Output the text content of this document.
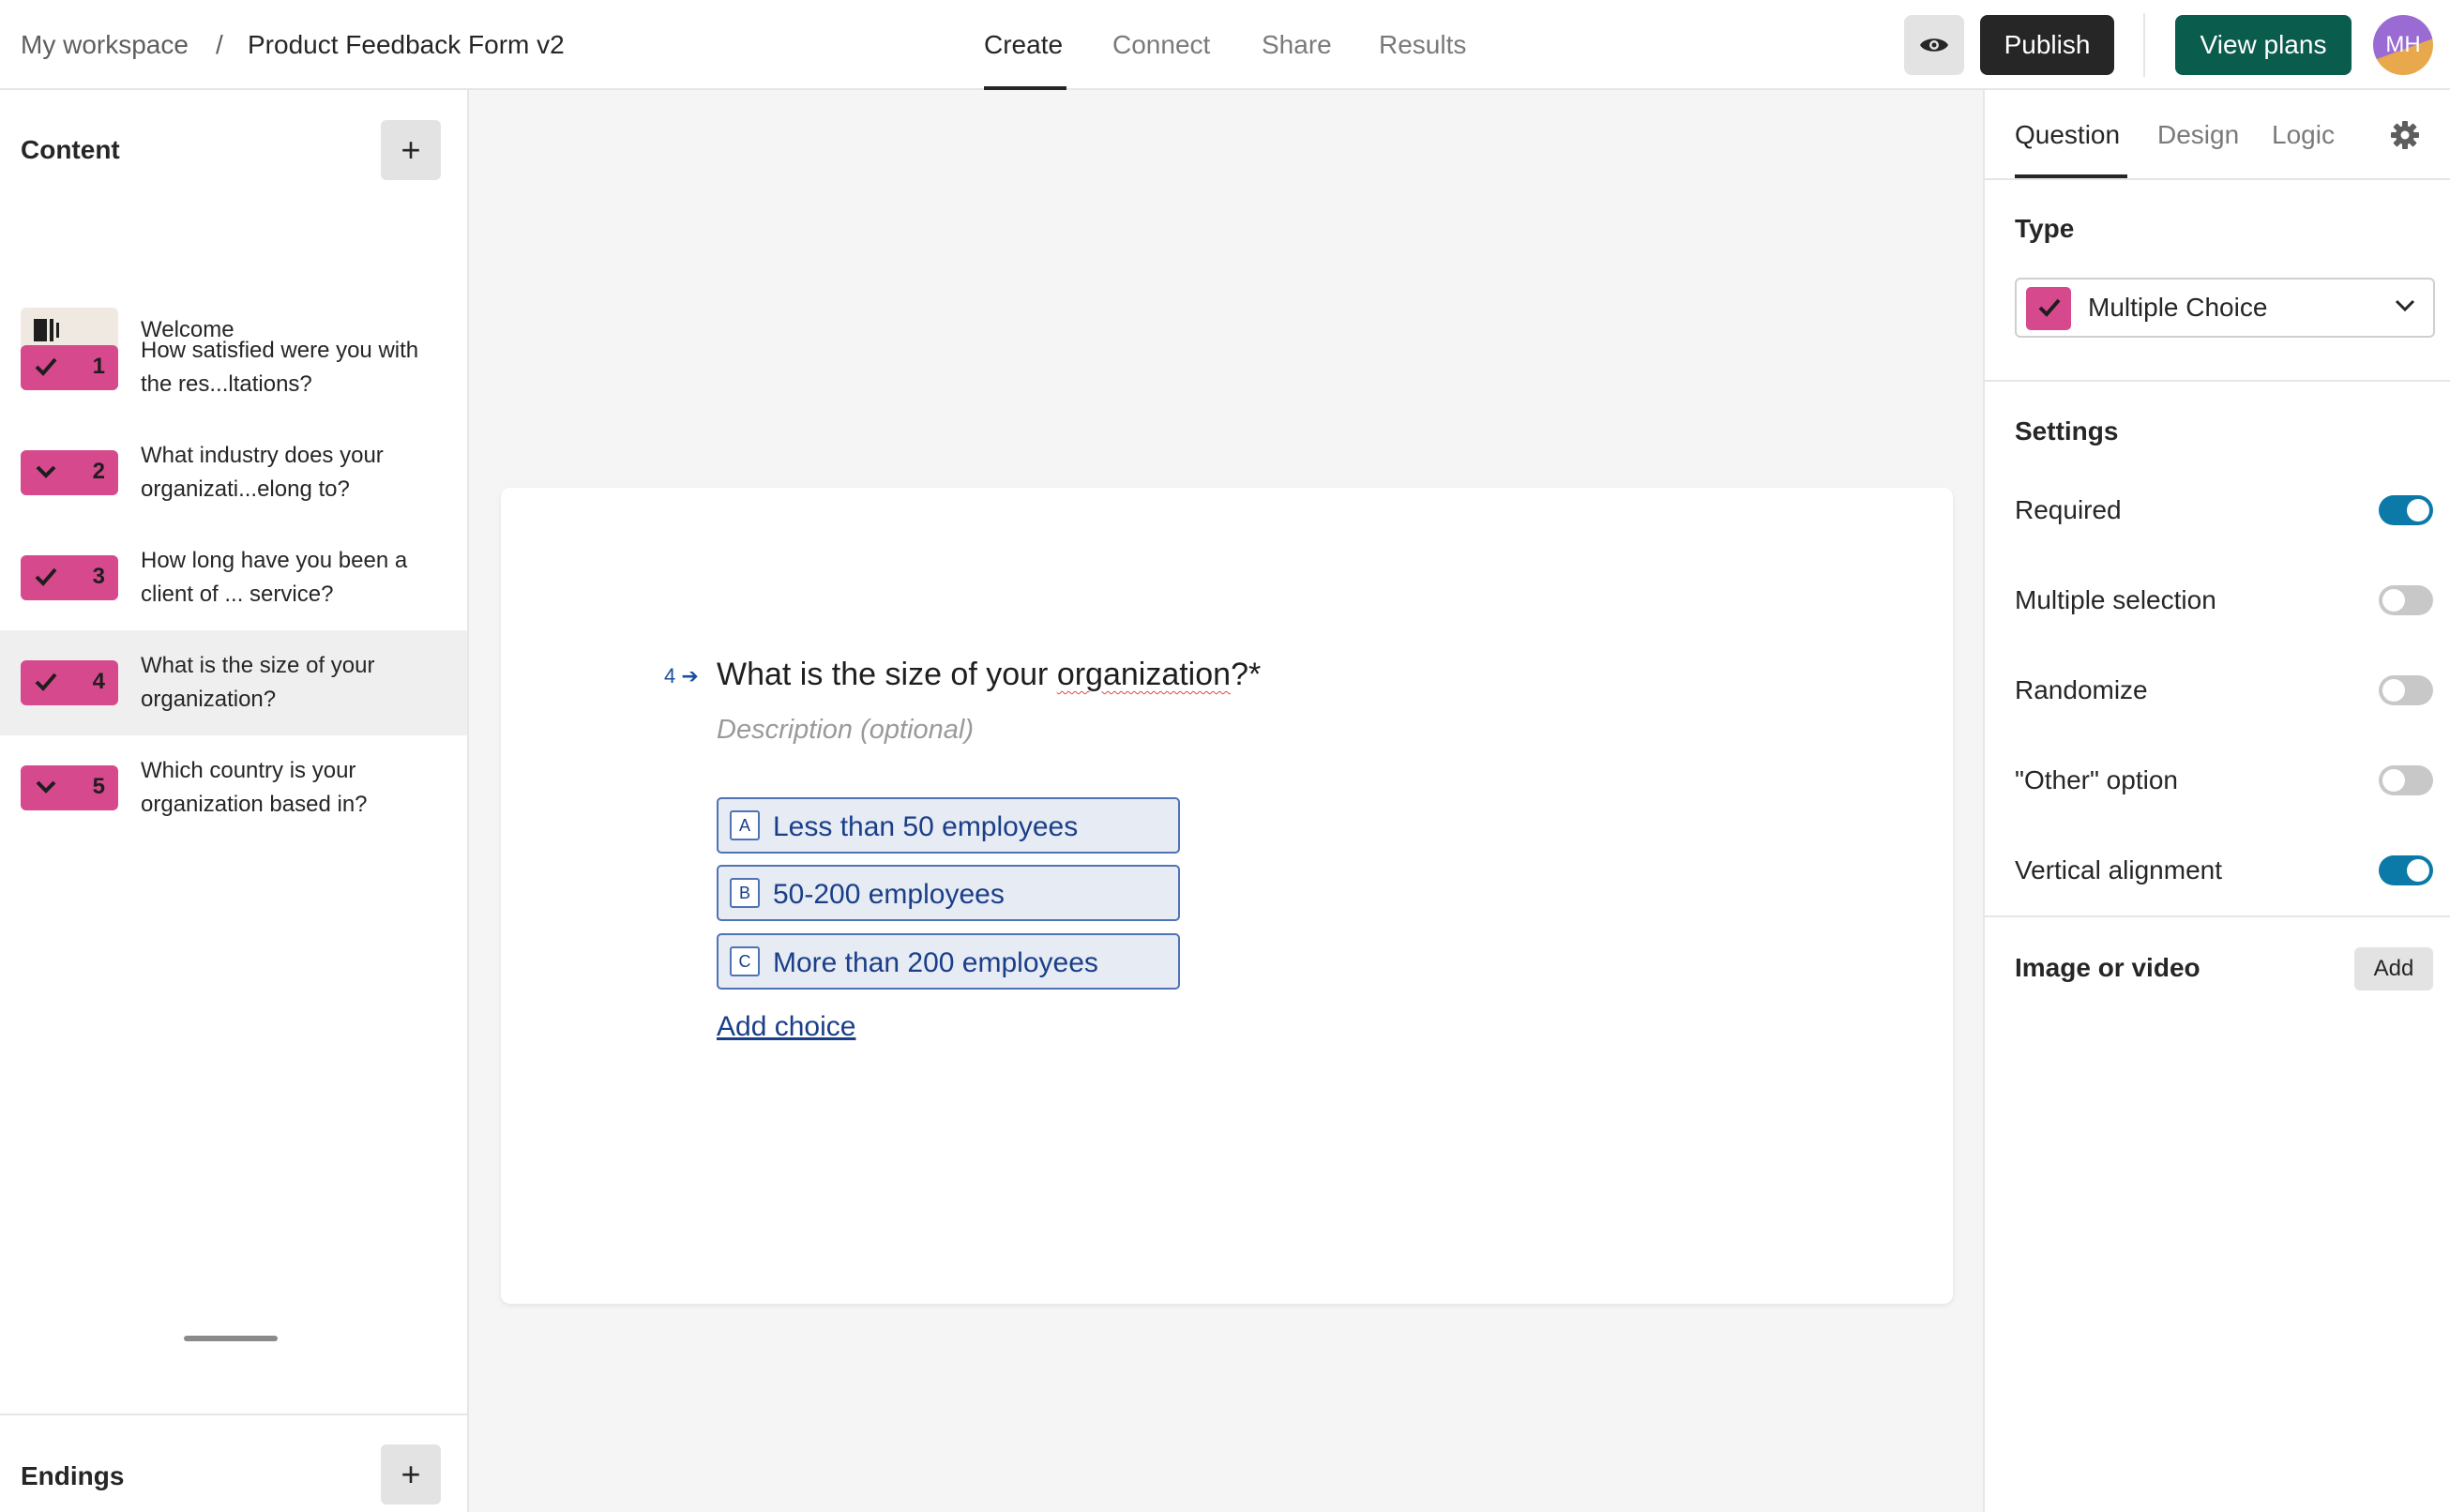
My workspace / Product Feedback Form v2	Create Connect Share Results	Publish	View plans	MH
Content	+
Welcome
1
How satisfied were you with the res...ltations?
2
What industry does your organizati...elong to?
3
How long have you been a client of ... service?
4
What is the size of your organization?
5
Which country is your organization based in?
Endings	+
4 ➔ What is the size of your organization?*
Description (optional)
A Less than 50 employees
B 50-200 employees
C More than 200 employees
Add choice
Question Design Logic
Type
Multiple Choice
Settings
Required
Multiple selection
Randomize
"Other" option
Vertical alignment
Image or video	Add
